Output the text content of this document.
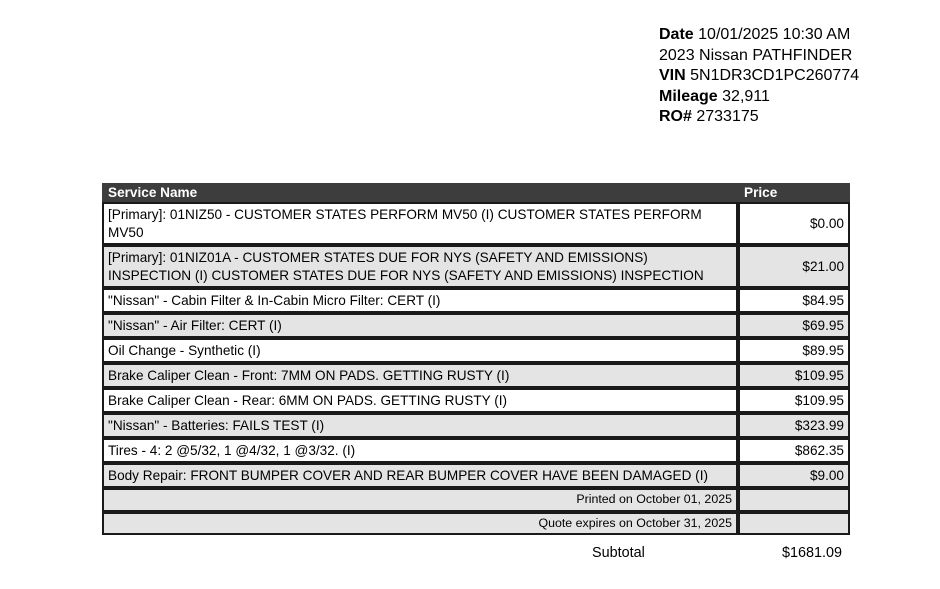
Date 10/01/2025 10:30 AM
2023 Nissan PATHFINDER
VIN 5N1DR3CD1PC260774
Mileage 32,911
RO# 2733175
Service Name	Price
[Primary]: 01NIZ50 - CUSTOMER STATES PERFORM MV50 (I) CUSTOMER STATES PERFORM MV50	$0.00
[Primary]: 01NIZ01A - CUSTOMER STATES DUE FOR NYS (SAFETY AND EMISSIONS) INSPECTION (I) CUSTOMER STATES DUE FOR NYS (SAFETY AND EMISSIONS) INSPECTION	$21.00
"Nissan" - Cabin Filter & In-Cabin Micro Filter: CERT (I)	$84.95
"Nissan" - Air Filter: CERT (I)	$69.95
Oil Change - Synthetic (I)	$89.95
Brake Caliper Clean - Front: 7MM ON PADS. GETTING RUSTY (I)	$109.95
Brake Caliper Clean - Rear: 6MM ON PADS. GETTING RUSTY (I)	$109.95
"Nissan" - Batteries: FAILS TEST (I)	$323.99
Tires - 4: 2 @5/32, 1 @4/32, 1 @3/32. (I)	$862.35
Body Repair: FRONT BUMPER COVER AND REAR BUMPER COVER HAVE BEEN DAMAGED (I)	$9.00
Printed on October 01, 2025	
Quote expires on October 31, 2025	
Subtotal	$1681.09
